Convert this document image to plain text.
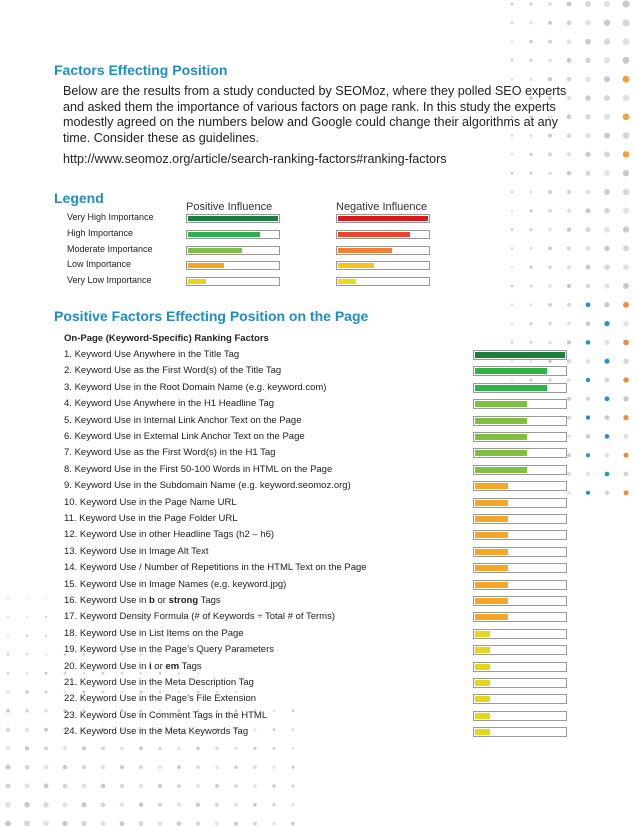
Factors Effecting Position
Below are the results from a study conducted by SEOMoz, where they polled SEO experts
and asked them the importance of various factors on page rank. In this study the experts
modestly agreed on the numbers below and Google could change their algorithms at any
time. Consider these as guidelines.
http://www.seomoz.org/article/search-ranking-factors#ranking-factors
Legend
Positive Influence	Negative Influence
Very High Importance
High Importance
Moderate Importance
Low Importance
Very Low Importance
Positive Factors Effecting Position on the Page
On-Page (Keyword-Specific) Ranking Factors
1. Keyword Use Anywhere in the Title Tag
2. Keyword Use as the First Word(s) of the Title Tag
3. Keyword Use in the Root Domain Name (e.g. keyword.com)
4. Keyword Use Anywhere in the H1 Headline Tag
5. Keyword Use in Internal Link Anchor Text on the Page
6. Keyword Use in External Link Anchor Text on the Page
7. Keyword Use as the First Word(s) in the H1 Tag
8. Keyword Use in the First 50-100 Words in HTML on the Page
9. Keyword Use in the Subdomain Name (e.g. keyword.seomoz.org)
10. Keyword Use in the Page Name URL
11. Keyword Use in the Page Folder URL
12. Keyword Use in other Headline Tags (h2 – h6)
13. Keyword Use in Image Alt Text
14. Keyword Use / Number of Repetitions in the HTML Text on the Page
15. Keyword Use in Image Names (e.g. keyword.jpg)
16. Keyword Use in b or strong Tags
17. Keyword Density Formula (# of Keywords ÷ Total # of Terms)
18. Keyword Use in List Items on the Page
19. Keyword Use in the Page’s Query Parameters
20. Keyword Use in i or em Tags
21. Keyword Use in the Meta Description Tag
22. Keyword Use in the Page’s File Extension
23. Keyword Use in Comment Tags in the HTML
24. Keyword Use in the Meta Keywords Tag
